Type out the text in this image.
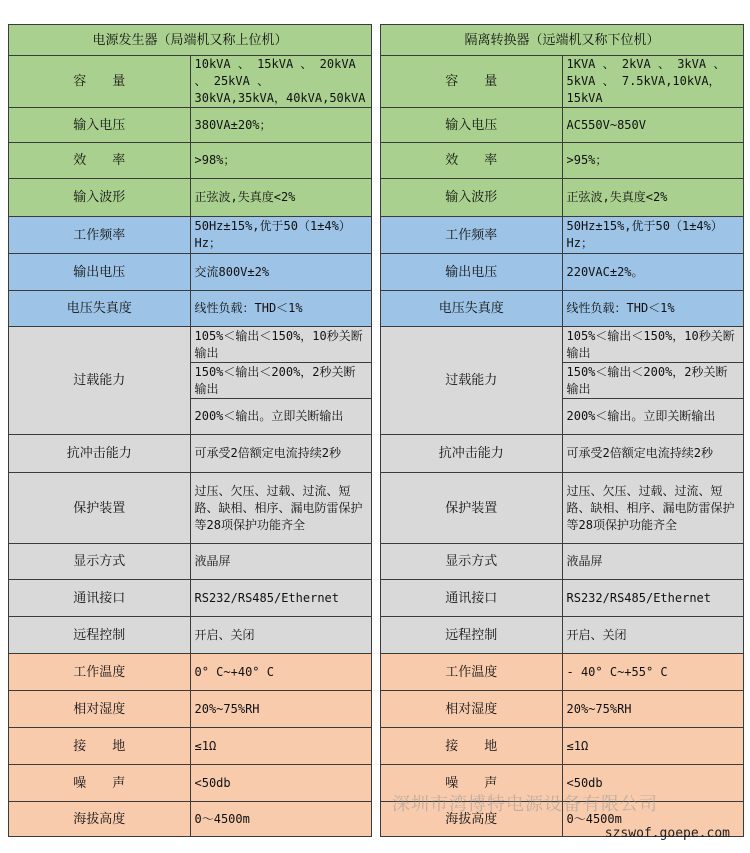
电源发生器（局端机又称上位机）	
容　　量	10kVA 、 15kVA 、 20kVA 、 25kVA 、 30kVA,35kVA，40kVA,50kVA
输入电压	380VA±20%；
效　　率	>98%；
输入波形	正弦波,失真度<2%
工作频率	50Hz±15%,优于50（1±4%）Hz；
输出电压	交流800V±2%
电压失真度	线性负载：THD＜1%
过载能力	105%＜输出＜150%，10秒关断输出
	150%＜输出＜200%，2秒关断输出
	200%＜输出。立即关断输出
抗冲击能力	可承受2倍额定电流持续2秒
保护装置	过压、欠压、过载、过流、短路、缺相、相序、漏电防雷保护等28项保护功能齐全
显示方式	液晶屏
通讯接口	RS232/RS485/Ethernet
远程控制	开启、关闭
工作温度	0° C~+40° C
相对湿度	20%~75%RH
接　　地	≤1Ω
噪　　声	<50db
海拔高度	0～4500m
隔离转换器（远端机又称下位机）	
容　　量	1KVA 、 2kVA 、 3kVA 、 5kVA 、 7.5kVA,10kVA，15kVA
输入电压	AC550V~850V
效　　率	>95%；
输入波形	正弦波,失真度<2%
工作频率	50Hz±15%,优于50（1±4%）Hz；
输出电压	220VAC±2%。
电压失真度	线性负载：THD＜1%
过载能力	105%＜输出＜150%，10秒关断输出
	150%＜输出＜200%，2秒关断输出
	200%＜输出。立即关断输出
抗冲击能力	可承受2倍额定电流持续2秒
保护装置	过压、欠压、过载、过流、短路、缺相、相序、漏电防雷保护等28项保护功能齐全
显示方式	液晶屏
通讯接口	RS232/RS485/Ethernet
远程控制	开启、关闭
工作温度	- 40° C~+55° C
相对湿度	20%~75%RH
接　　地	≤1Ω
噪　　声	<50db
海拔高度	0～4500m
深圳市湾博特电源设备有限公司
szswof.goepe.com
